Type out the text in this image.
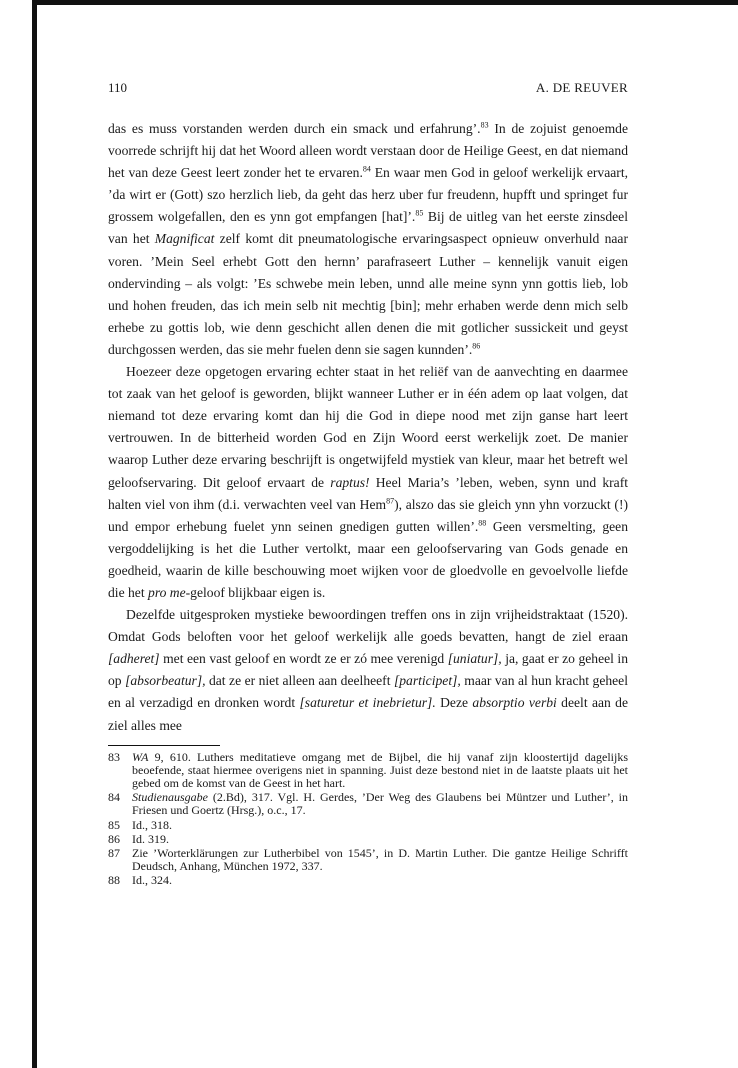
110	A. DE REUVER

das es muss vorstanden werden durch ein smack und erfahrung’.$^{83}$ In de zojuist genoemde voorrede schrijft hij dat het Woord alleen wordt verstaan door de Heilige Geest, en dat niemand het van deze Geest leert zonder het te ervaren.$^{84}$ En waar men God in geloof werkelijk ervaart, ’da wirt er (Gott) szo herzlich lieb, da geht das herz uber fur freudenn, hupfft und springet fur grossem wolgefallen, den es ynn got empfangen [hat]’.$^{85}$ Bij de uitleg van het eerste zinsdeel van het Magnificat zelf komt dit pneumatologische ervaringsaspect opnieuw onverhuld naar voren. ’Mein Seel erhebt Gott den hernn’ parafraseert Luther – kennelijk vanuit eigen ondervinding – als volgt: ’Es schwebe mein leben, unnd alle meine synn ynn gottis lieb, lob und hohen freuden, das ich mein selb nit mechtig [bin]; mehr erhaben werde denn mich selb erhebe zu gottis lob, wie denn geschicht allen denen die mit gotlicher sussickeit und geyst durchgossen werden, das sie mehr fuelen denn sie sagen kunnden’.$^{86}$

Hoezeer deze opgetogen ervaring echter staat in het reliëf van de aanvechting en daarmee tot zaak van het geloof is geworden, blijkt wanneer Luther er in één adem op laat volgen, dat niemand tot deze ervaring komt dan hij die God in diepe nood met zijn ganse hart leert vertrouwen. In de bitterheid worden God en Zijn Woord eerst werkelijk zoet. De manier waarop Luther deze ervaring beschrijft is ongetwijfeld mystiek van kleur, maar het betreft wel geloofservaring. Dit geloof ervaart de raptus! Heel Maria’s ’leben, weben, synn und kraft halten viel von ihm (d.i. verwachten veel van Hem$^{87}$), alszo das sie gleich ynn yhn vorzuckt (!) und empor erhebung fuelet ynn seinen gnedigen gutten willen’.$^{88}$ Geen versmelting, geen vergoddelijking is het die Luther vertolkt, maar een geloofservaring van Gods genade en goedheid, waarin de kille beschouwing moet wijken voor de gloedvolle en gevoelvolle liefde die het pro me-geloof blijkbaar eigen is.

Dezelfde uitgesproken mystieke bewoordingen treffen ons in zijn vrijheidstraktaat (1520). Omdat Gods beloften voor het geloof werkelijk alle goeds bevatten, hangt de ziel eraan [adheret] met een vast geloof en wordt ze er zó mee verenigd [uniatur], ja, gaat er zo geheel in op [absorbeatur], dat ze er niet alleen aan deelheeft [participet], maar van al hun kracht geheel en al verzadigd en dronken wordt [saturetur et inebrietur]. Deze absorptio verbi deelt aan de ziel alles mee

83	WA 9, 610. Luthers meditatieve omgang met de Bijbel, die hij vanaf zijn kloostertijd dagelijks beoefende, staat hiermee overigens niet in spanning. Juist deze bestond niet in de laatste plaats uit het gebed om de komst van de Geest in het hart.
84	Studienausgabe (2.Bd), 317. Vgl. H. Gerdes, ’Der Weg des Glaubens bei Müntzer und Luther’, in Friesen und Goertz (Hrsg.), o.c., 17.
85	Id., 318.
86	Id. 319.
87	Zie ’Worterklärungen zur Lutherbibel von 1545’, in D. Martin Luther. Die gantze Heilige Schrifft Deudsch, Anhang, München 1972, 337.
88	Id., 324.
